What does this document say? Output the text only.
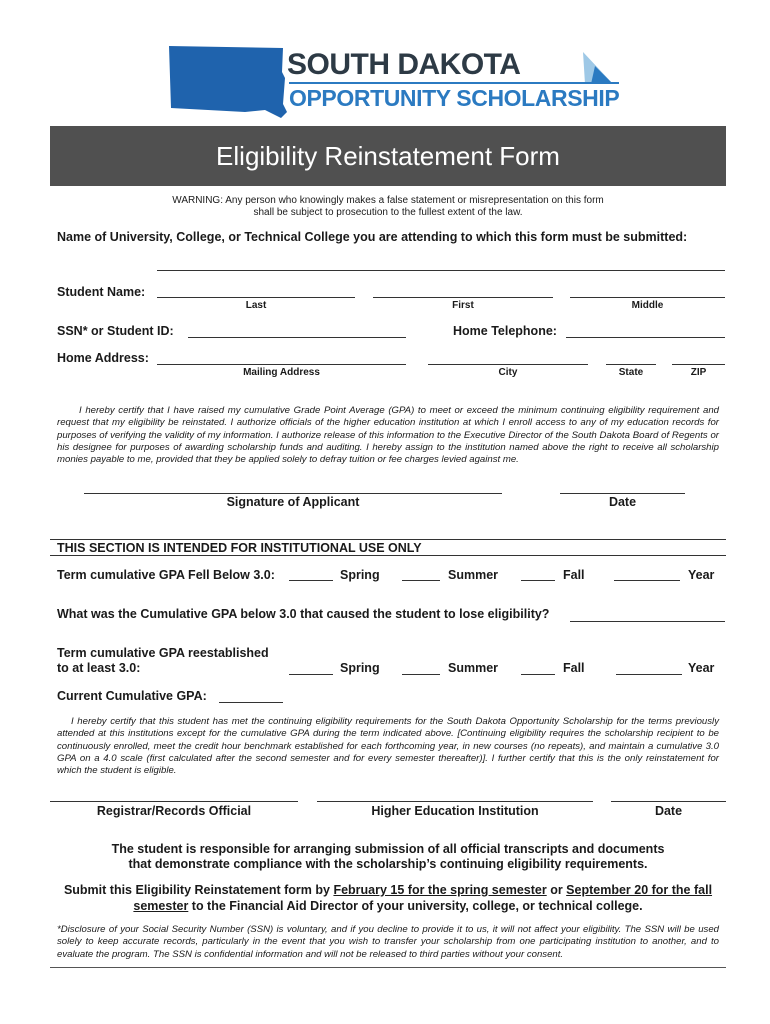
SOUTH DAKOTA
OPPORTUNITY SCHOLARSHIP
Eligibility Reinstatement Form
WARNING: Any person who knowingly makes a false statement or misrepresentation on this form
shall be subject to prosecution to the fullest extent of the law.
Name of University, College, or Technical College you are attending to which this form must be submitted:
Student Name:
Last	First	Middle
SSN* or Student ID:	Home Telephone:
Home Address:
Mailing Address	City	State	ZIP
I hereby certify that I have raised my cumulative Grade Point Average (GPA) to meet or exceed the minimum continuing eligibility requirement and request that my eligibility be reinstated. I authorize officials of the higher education institution at which I enroll access to any of my education records for purposes of verifying the validity of my information. I authorize release of this information to the Executive Director of the South Dakota Board of Regents or his designee for purposes of awarding scholarship funds and auditing. I hereby assign to the institution named above the right to receive all scholarship monies payable to me, provided that they be applied solely to defray tuition or fee charges levied against me.
Signature of Applicant	Date
THIS SECTION IS INTENDED FOR INSTITUTIONAL USE ONLY
Term cumulative GPA Fell Below 3.0:	Spring	Summer	Fall	Year
What was the Cumulative GPA below 3.0 that caused the student to lose eligibility?
Term cumulative GPA reestablished
to at least 3.0:	Spring	Summer	Fall	Year
Current Cumulative GPA:
I hereby certify that this student has met the continuing eligibility requirements for the South Dakota Opportunity Scholarship for the terms previously attended at this institutions except for the cumulative GPA during the term indicated above. [Continuing eligibility requires the scholarship recipient to be continuously enrolled, meet the credit hour benchmark established for each forthcoming year, in new courses (no repeats), and maintain a cumulative 3.0 GPA on a 4.0 scale (first calculated after the second semester and for every semester thereafter)]. I further certify that this is the only reinstatement for which the student is eligible.
Registrar/Records Official	Higher Education Institution	Date
The student is responsible for arranging submission of all official transcripts and documents
that demonstrate compliance with the scholarship’s continuing eligibility requirements.
Submit this Eligibility Reinstatement form by February 15 for the spring semester or September 20 for the fall
semester to the Financial Aid Director of your university, college, or technical college.
*Disclosure of your Social Security Number (SSN) is voluntary, and if you decline to provide it to us, it will not affect your eligibility. The SSN will be used solely to keep accurate records, particularly in the event that you wish to transfer your scholarship from one participating institution to another, and to evaluate the program. The SSN is confidential information and will not be released to third parties without your consent.
